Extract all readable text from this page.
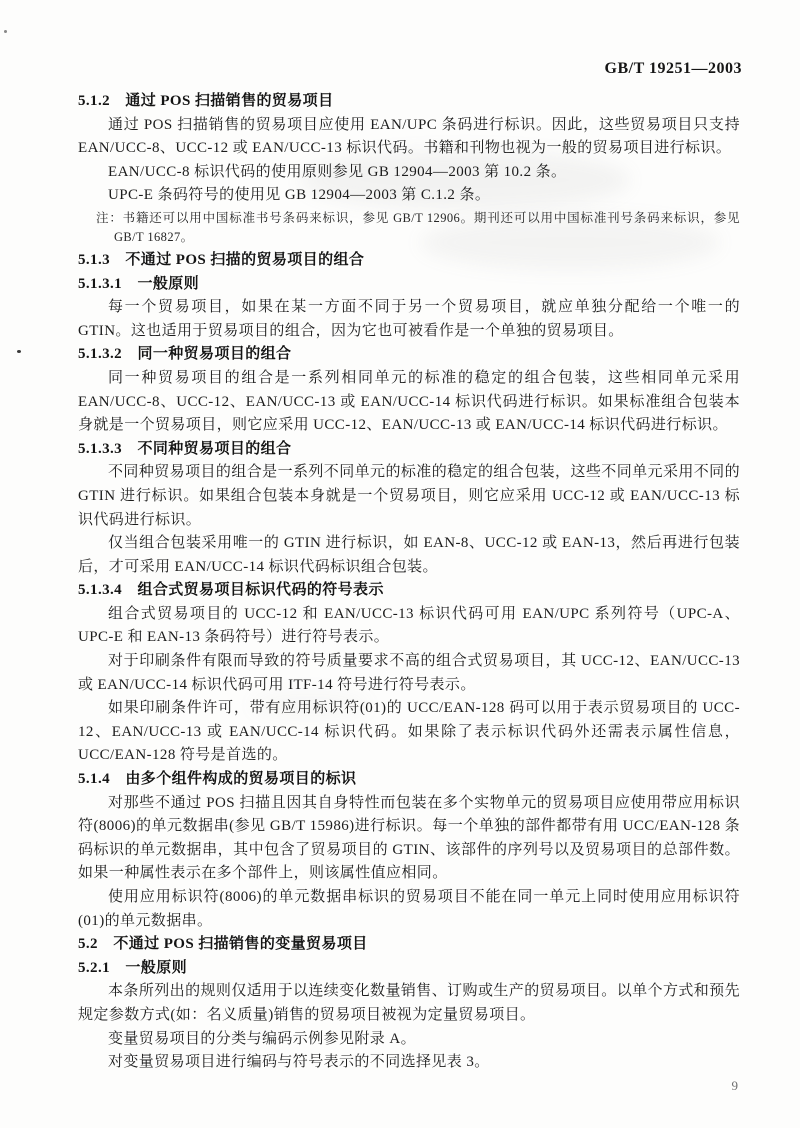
GB/T 19251—2003
5.1.2　通过 POS 扫描销售的贸易项目

通过 POS 扫描销售的贸易项目应使用 EAN/UPC 条码进行标识。因此，这些贸易项目只支持 EAN/UCC-8、UCC-12 或 EAN/UCC-13 标识代码。书籍和刊物也视为一般的贸易项目进行标识。

EAN/UCC-8 标识代码的使用原则参见 GB 12904—2003 第 10.2 条。

UPC-E 条码符号的使用见 GB 12904—2003 第 C.1.2 条。

注：书籍还可以用中国标准书号条码来标识，参见 GB/T 12906。期刊还可以用中国标准刊号条码来标识，参见 GB/T 16827。

5.1.3　不通过 POS 扫描的贸易项目的组合
5.1.3.1　一般原则

每一个贸易项目，如果在某一方面不同于另一个贸易项目，就应单独分配给一个唯一的 GTIN。这也适用于贸易项目的组合，因为它也可被看作是一个单独的贸易项目。

5.1.3.2　同一种贸易项目的组合

同一种贸易项目的组合是一系列相同单元的标准的稳定的组合包装，这些相同单元采用 EAN/UCC-8、UCC-12、EAN/UCC-13 或 EAN/UCC-14 标识代码进行标识。如果标准组合包装本身就是一个贸易项目，则它应采用 UCC-12、EAN/UCC-13 或 EAN/UCC-14 标识代码进行标识。

5.1.3.3　不同种贸易项目的组合

不同种贸易项目的组合是一系列不同单元的标准的稳定的组合包装，这些不同单元采用不同的 GTIN 进行标识。如果组合包装本身就是一个贸易项目，则它应采用 UCC-12 或 EAN/UCC-13 标识代码进行标识。

仅当组合包装采用唯一的 GTIN 进行标识，如 EAN-8、UCC-12 或 EAN-13，然后再进行包装后，才可采用 EAN/UCC-14 标识代码标识组合包装。

5.1.3.4　组合式贸易项目标识代码的符号表示

组合式贸易项目的 UCC-12 和 EAN/UCC-13 标识代码可用 EAN/UPC 系列符号（UPC-A、UPC-E 和 EAN-13 条码符号）进行符号表示。

对于印刷条件有限而导致的符号质量要求不高的组合式贸易项目，其 UCC-12、EAN/UCC-13 或 EAN/UCC-14 标识代码可用 ITF-14 符号进行符号表示。

如果印刷条件许可，带有应用标识符(01)的 UCC/EAN-128 码可以用于表示贸易项目的 UCC-12、EAN/UCC-13 或 EAN/UCC-14 标识代码。如果除了表示标识代码外还需表示属性信息，UCC/EAN-128 符号是首选的。

5.1.4　由多个组件构成的贸易项目的标识

对那些不通过 POS 扫描且因其自身特性而包装在多个实物单元的贸易项目应使用带应用标识符(8006)的单元数据串(参见 GB/T 15986)进行标识。每一个单独的部件都带有用 UCC/EAN-128 条码标识的单元数据串，其中包含了贸易项目的 GTIN、该部件的序列号以及贸易项目的总部件数。如果一种属性表示在多个部件上，则该属性值应相同。

使用应用标识符(8006)的单元数据串标识的贸易项目不能在同一单元上同时使用应用标识符(01)的单元数据串。

5.2　不通过 POS 扫描销售的变量贸易项目
5.2.1　一般原则

本条所列出的规则仅适用于以连续变化数量销售、订购或生产的贸易项目。以单个方式和预先规定参数方式(如：名义质量)销售的贸易项目被视为定量贸易项目。

变量贸易项目的分类与编码示例参见附录 A。

对变量贸易项目进行编码与符号表示的不同选择见表 3。

9
